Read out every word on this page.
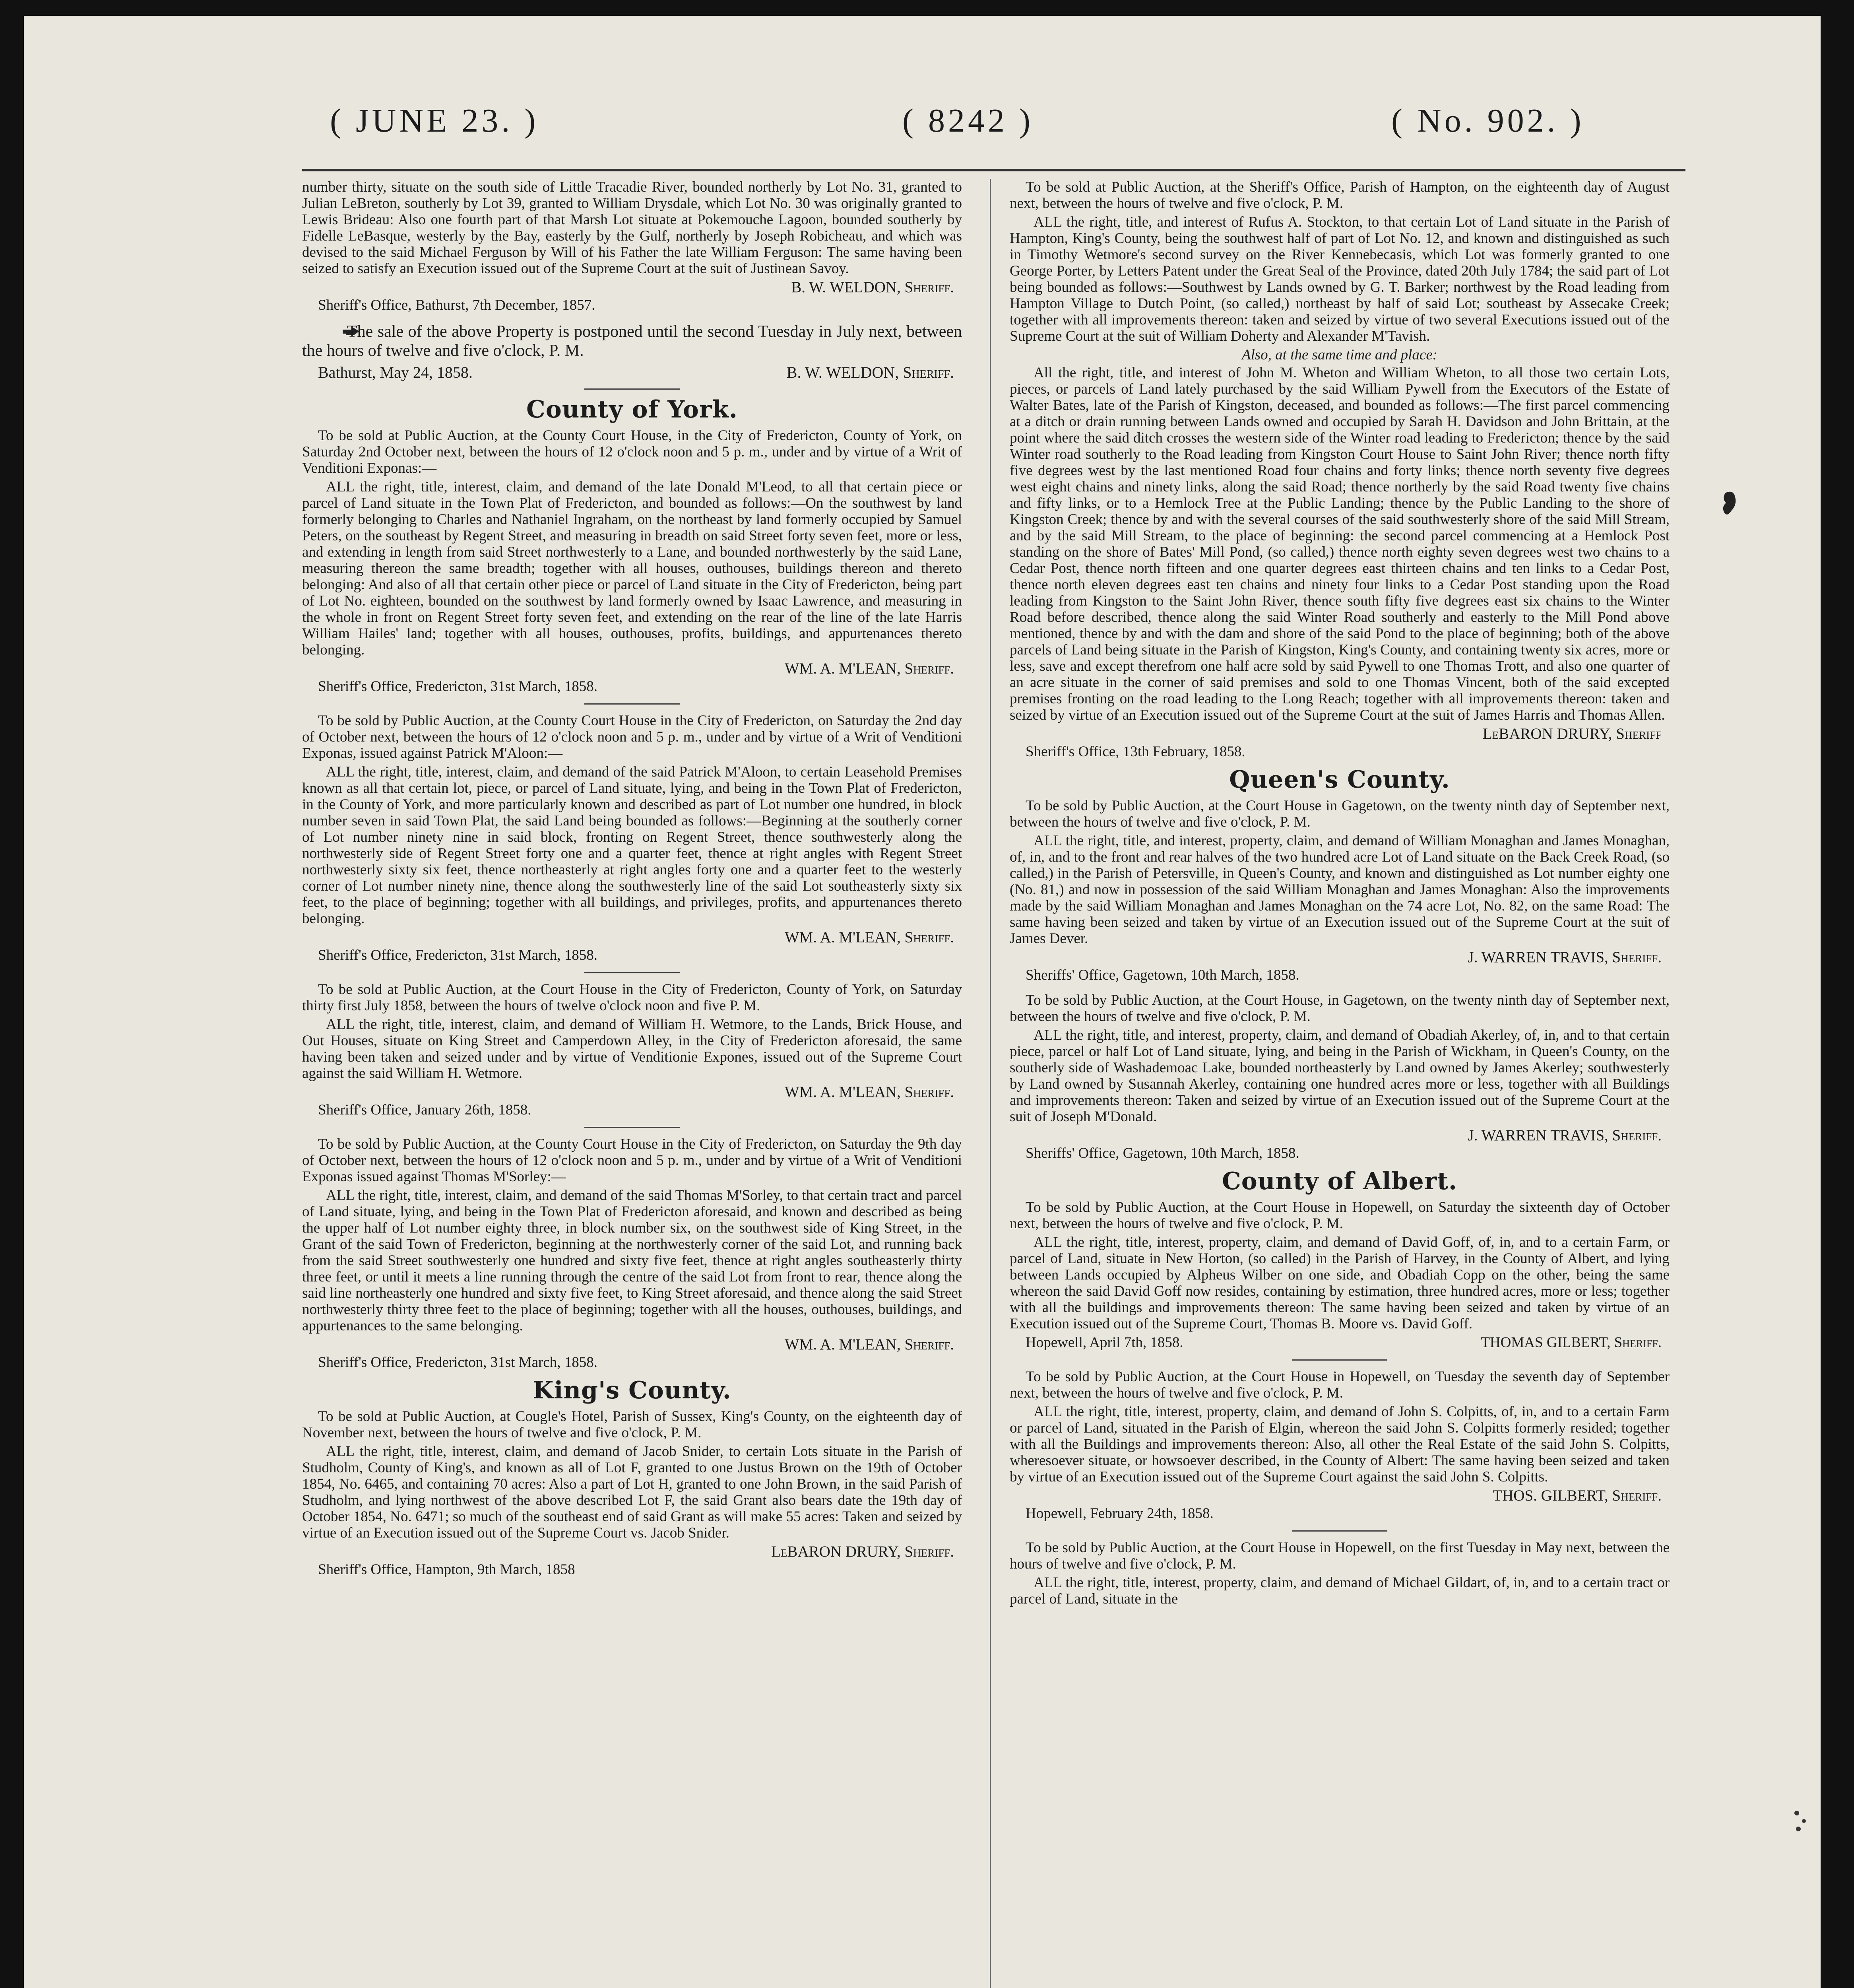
( JUNE 23. )	( 8242 )	( No. 902. )

number thirty, situate on the south side of Little Tracadie River, bounded northerly by Lot No. 31, granted to Julian LeBreton, southerly by Lot 39, granted to William Drysdale, which Lot No. 30 was originally granted to Lewis Brideau: Also one fourth part of that Marsh Lot situate at Pokemouche Lagoon, bounded southerly by Fidelle LeBasque, westerly by the Bay, easterly by the Gulf, northerly by Joseph Robicheau, and which was devised to the said Michael Ferguson by Will of his Father the late William Ferguson: The same having been seized to satisfy an Execution issued out of the Supreme Court at the suit of Justinean Savoy.

B. W. WELDON, Sheriff.
Sheriff's Office, Bathurst, 7th December, 1857.

The sale of the above Property is postponed until the second Tuesday in July next, between the hours of twelve and five o'clock, P. M.

Bathurst, May 24, 1858.	B. W. WELDON, Sheriff.
County of York.

To be sold at Public Auction, at the County Court House, in the City of Fredericton, County of York, on Saturday 2nd October next, between the hours of 12 o'clock noon and 5 p. m., under and by virtue of a Writ of Venditioni Exponas:—

ALL the right, title, interest, claim, and demand of the late Donald M'Leod, to all that certain piece or parcel of Land situate in the Town Plat of Fredericton, and bounded as follows:—On the southwest by land formerly belonging to Charles and Nathaniel Ingraham, on the northeast by land formerly occupied by Samuel Peters, on the southeast by Regent Street, and measuring in breadth on said Street forty seven feet, more or less, and extending in length from said Street northwesterly to a Lane, and bounded northwesterly by the said Lane, measuring thereon the same breadth; together with all houses, outhouses, buildings thereon and thereto belonging: And also of all that certain other piece or parcel of Land situate in the City of Fredericton, being part of Lot No. eighteen, bounded on the southwest by land formerly owned by Isaac Lawrence, and measuring in the whole in front on Regent Street forty seven feet, and extending on the rear of the line of the late Harris William Hailes' land; together with all houses, outhouses, profits, buildings, and appurtenances thereto belonging.

WM. A. M'LEAN, Sheriff.
Sheriff's Office, Fredericton, 31st March, 1858.

To be sold by Public Auction, at the County Court House in the City of Fredericton, on Saturday the 2nd day of October next, between the hours of 12 o'clock noon and 5 p. m., under and by virtue of a Writ of Venditioni Exponas, issued against Patrick M'Aloon:—

ALL the right, title, interest, claim, and demand of the said Patrick M'Aloon, to certain Leasehold Premises known as all that certain lot, piece, or parcel of Land situate, lying, and being in the Town Plat of Fredericton, in the County of York, and more particularly known and described as part of Lot number one hundred, in block number seven in said Town Plat, the said Land being bounded as follows:—Beginning at the southerly corner of Lot number ninety nine in said block, fronting on Regent Street, thence southwesterly along the northwesterly side of Regent Street forty one and a quarter feet, thence at right angles with Regent Street northwesterly sixty six feet, thence northeasterly at right angles forty one and a quarter feet to the westerly corner of Lot number ninety nine, thence along the southwesterly line of the said Lot southeasterly sixty six feet, to the place of beginning; together with all buildings, and privileges, profits, and appurtenances thereto belonging.

WM. A. M'LEAN, Sheriff.
Sheriff's Office, Fredericton, 31st March, 1858.

To be sold at Public Auction, at the Court House in the City of Fredericton, County of York, on Saturday thirty first July 1858, between the hours of twelve o'clock noon and five P. M.

ALL the right, title, interest, claim, and demand of William H. Wetmore, to the Lands, Brick House, and Out Houses, situate on King Street and Camperdown Alley, in the City of Fredericton aforesaid, the same having been taken and seized under and by virtue of Venditionie Expones, issued out of the Supreme Court against the said William H. Wetmore.

WM. A. M'LEAN, Sheriff.
Sheriff's Office, January 26th, 1858.

To be sold by Public Auction, at the County Court House in the City of Fredericton, on Saturday the 9th day of October next, between the hours of 12 o'clock noon and 5 p. m., under and by virtue of a Writ of Venditioni Exponas issued against Thomas M'Sorley:—

ALL the right, title, interest, claim, and demand of the said Thomas M'Sorley, to that certain tract and parcel of Land situate, lying, and being in the Town Plat of Fredericton aforesaid, and known and described as being the upper half of Lot number eighty three, in block number six, on the southwest side of King Street, in the Grant of the said Town of Fredericton, beginning at the northwesterly corner of the said Lot, and running back from the said Street southwesterly one hundred and sixty five feet, thence at right angles southeasterly thirty three feet, or until it meets a line running through the centre of the said Lot from front to rear, thence along the said line northeasterly one hundred and sixty five feet, to King Street aforesaid, and thence along the said Street northwesterly thirty three feet to the place of beginning; together with all the houses, outhouses, buildings, and appurtenances to the same belonging.

WM. A. M'LEAN, Sheriff.
Sheriff's Office, Fredericton, 31st March, 1858.
King's County.

To be sold at Public Auction, at Cougle's Hotel, Parish of Sussex, King's County, on the eighteenth day of November next, between the hours of twelve and five o'clock, P. M.

ALL the right, title, interest, claim, and demand of Jacob Snider, to certain Lots situate in the Parish of Studholm, County of King's, and known as all of Lot F, granted to one Justus Brown on the 19th of October 1854, No. 6465, and containing 70 acres: Also a part of Lot H, granted to one John Brown, in the said Parish of Studholm, and lying northwest of the above described Lot F, the said Grant also bears date the 19th day of October 1854, No. 6471; so much of the southeast end of said Grant as will make 55 acres: Taken and seized by virtue of an Execution issued out of the Supreme Court vs. Jacob Snider.

LeBARON DRURY, Sheriff.
Sheriff's Office, Hampton, 9th March, 1858

To be sold at Public Auction, at the Sheriff's Office, Parish of Hampton, on the eighteenth day of August next, between the hours of twelve and five o'clock, P. M.

ALL the right, title, and interest of Rufus A. Stockton, to that certain Lot of Land situate in the Parish of Hampton, King's County, being the southwest half of part of Lot No. 12, and known and distinguished as such in Timothy Wetmore's second survey on the River Kennebecasis, which Lot was formerly granted to one George Porter, by Letters Patent under the Great Seal of the Province, dated 20th July 1784; the said part of Lot being bounded as follows:—Southwest by Lands owned by G. T. Barker; northwest by the Road leading from Hampton Village to Dutch Point, (so called,) northeast by half of said Lot; southeast by Assecake Creek; together with all improvements thereon: taken and seized by virtue of two several Executions issued out of the Supreme Court at the suit of William Doherty and Alexander M'Tavish.

Also, at the same time and place:

All the right, title, and interest of John M. Wheton and William Wheton, to all those two certain Lots, pieces, or parcels of Land lately purchased by the said William Pywell from the Executors of the Estate of Walter Bates, late of the Parish of Kingston, deceased, and bounded as follows:—The first parcel commencing at a ditch or drain running between Lands owned and occupied by Sarah H. Davidson and John Brittain, at the point where the said ditch crosses the western side of the Winter road leading to Fredericton; thence by the said Winter road southerly to the Road leading from Kingston Court House to Saint John River; thence north fifty five degrees west by the last mentioned Road four chains and forty links; thence north seventy five degrees west eight chains and ninety links, along the said Road; thence northerly by the said Road twenty five chains and fifty links, or to a Hemlock Tree at the Public Landing; thence by the Public Landing to the shore of Kingston Creek; thence by and with the several courses of the said southwesterly shore of the said Mill Stream, and by the said Mill Stream, to the place of beginning: the second parcel commencing at a Hemlock Post standing on the shore of Bates' Mill Pond, (so called,) thence north eighty seven degrees west two chains to a Cedar Post, thence north fifteen and one quarter degrees east thirteen chains and ten links to a Cedar Post, thence north eleven degrees east ten chains and ninety four links to a Cedar Post standing upon the Road leading from Kingston to the Saint John River, thence south fifty five degrees east six chains to the Winter Road before described, thence along the said Winter Road southerly and easterly to the Mill Pond above mentioned, thence by and with the dam and shore of the said Pond to the place of beginning; both of the above parcels of Land being situate in the Parish of Kingston, King's County, and containing twenty six acres, more or less, save and except therefrom one half acre sold by said Pywell to one Thomas Trott, and also one quarter of an acre situate in the corner of said premises and sold to one Thomas Vincent, both of the said excepted premises fronting on the road leading to the Long Reach; together with all improvements thereon: taken and seized by virtue of an Execution issued out of the Supreme Court at the suit of James Harris and Thomas Allen.

LeBARON DRURY, Sheriff
Sheriff's Office, 13th February, 1858.
Queen's County.

To be sold by Public Auction, at the Court House in Gagetown, on the twenty ninth day of September next, between the hours of twelve and five o'clock, P. M.

ALL the right, title, and interest, property, claim, and demand of William Monaghan and James Monaghan, of, in, and to the front and rear halves of the two hundred acre Lot of Land situate on the Back Creek Road, (so called,) in the Parish of Petersville, in Queen's County, and known and distinguished as Lot number eighty one (No. 81,) and now in possession of the said William Monaghan and James Monaghan: Also the improvements made by the said William Monaghan and James Monaghan on the 74 acre Lot, No. 82, on the same Road: The same having been seized and taken by virtue of an Execution issued out of the Supreme Court at the suit of James Dever.

J. WARREN TRAVIS, Sheriff.
Sheriffs' Office, Gagetown, 10th March, 1858.

To be sold by Public Auction, at the Court House, in Gagetown, on the twenty ninth day of September next, between the hours of twelve and five o'clock, P. M.

ALL the right, title, and interest, property, claim, and demand of Obadiah Akerley, of, in, and to that certain piece, parcel or half Lot of Land situate, lying, and being in the Parish of Wickham, in Queen's County, on the southerly side of Washademoac Lake, bounded northeasterly by Land owned by James Akerley; southwesterly by Land owned by Susannah Akerley, containing one hundred acres more or less, together with all Buildings and improvements thereon: Taken and seized by virtue of an Execution issued out of the Supreme Court at the suit of Joseph M'Donald.

J. WARREN TRAVIS, Sheriff.
Sheriffs' Office, Gagetown, 10th March, 1858.
County of Albert.

To be sold by Public Auction, at the Court House in Hopewell, on Saturday the sixteenth day of October next, between the hours of twelve and five o'clock, P. M.

ALL the right, title, interest, property, claim, and demand of David Goff, of, in, and to a certain Farm, or parcel of Land, situate in New Horton, (so called) in the Parish of Harvey, in the County of Albert, and lying between Lands occupied by Alpheus Wilber on one side, and Obadiah Copp on the other, being the same whereon the said David Goff now resides, containing by estimation, three hundred acres, more or less; together with all the buildings and improvements thereon: The same having been seized and taken by virtue of an Execution issued out of the Supreme Court, Thomas B. Moore vs. David Goff.

Hopewell, April 7th, 1858.	THOMAS GILBERT, Sheriff.

To be sold by Public Auction, at the Court House in Hopewell, on Tuesday the seventh day of September next, between the hours of twelve and five o'clock, P. M.

ALL the right, title, interest, property, claim, and demand of John S. Colpitts, of, in, and to a certain Farm or parcel of Land, situated in the Parish of Elgin, whereon the said John S. Colpitts formerly resided; together with all the Buildings and improvements thereon: Also, all other the Real Estate of the said John S. Colpitts, wheresoever situate, or howsoever described, in the County of Albert: The same having been seized and taken by virtue of an Execution issued out of the Supreme Court against the said John S. Colpitts.

THOS. GILBERT, Sheriff.
Hopewell, February 24th, 1858.

To be sold by Public Auction, at the Court House in Hopewell, on the first Tuesday in May next, between the hours of twelve and five o'clock, P. M.

ALL the right, title, interest, property, claim, and demand of Michael Gildart, of, in, and to a certain tract or parcel of Land, situate in the
